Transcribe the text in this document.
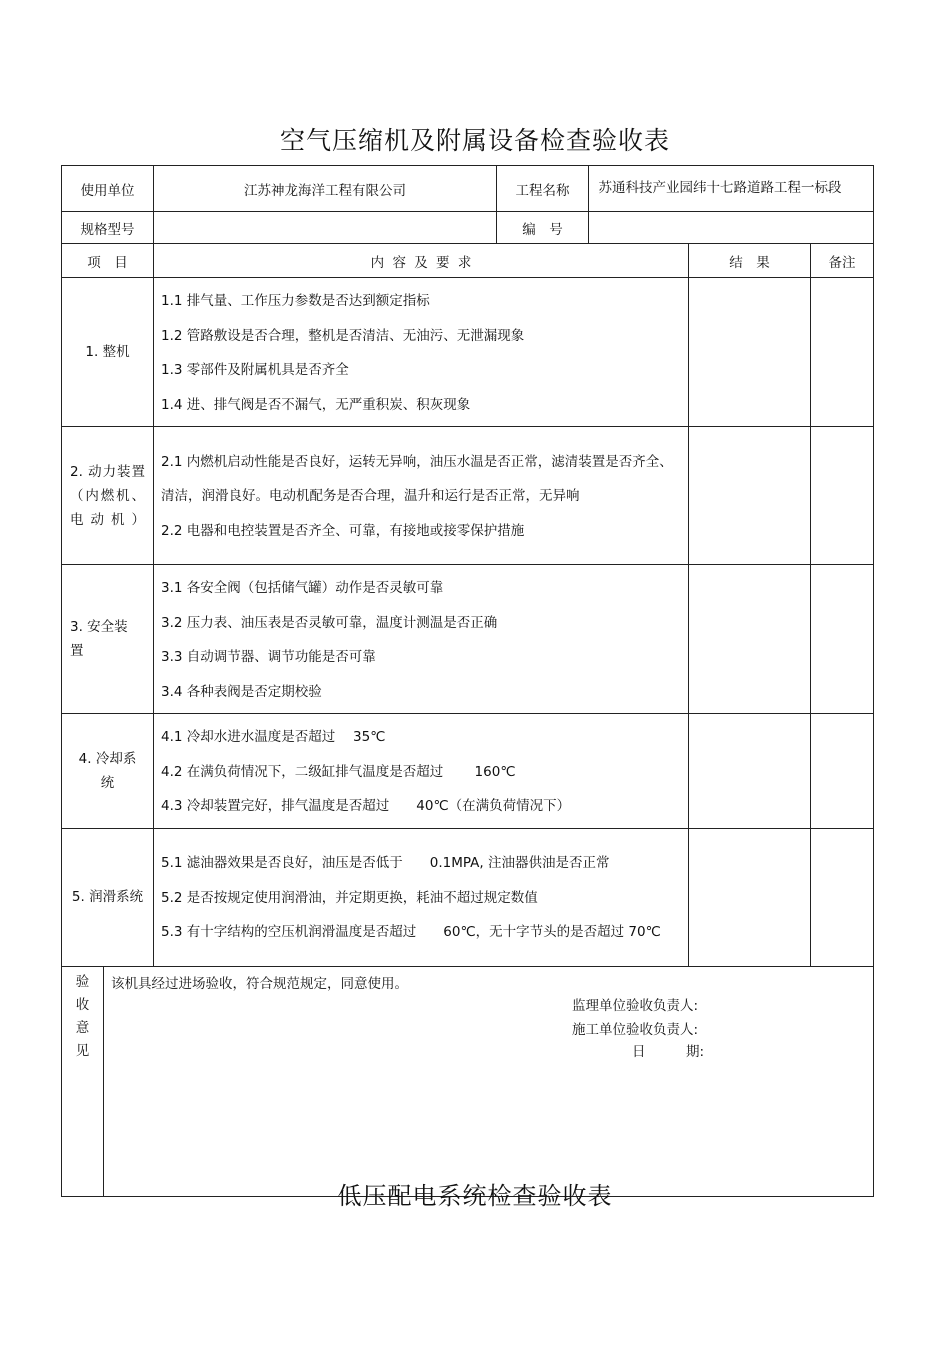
空气压缩机及附属设备检查验收表
使用单位		江苏神龙海洋工程有限公司	工程名称	苏通科技产业园纬十七路道路工程一标段		
规格型号			编　号			
项　目		内 容 及 要 求			结　果	备注
1. 整机		1.1 排气量、工作压力参数是否达到额定指标
1.2 管路敷设是否合理，整机是否清洁、无油污、无泄漏现象
1.3 零部件及附属机具是否齐全
1.4 进、排气阀是否不漏气，无严重积炭、积灰现象				

2. 动力装置（内燃机、电动机）		2.1 内燃机启动性能是否良好，运转无异响，油压水温是否正常，滤清装置是否齐全、清洁，润滑良好。电动机配务是否合理，温升和运行是否正常，无异响
2.2 电器和电控装置是否齐全、可靠，有接地或接零保护措施				

3. 安全装置		3.1 各安全阀（包括储气罐）动作是否灵敏可靠
3.2 压力表、油压表是否灵敏可靠，温度计测温是否正确
3.3 自动调节器、调节功能是否可靠
3.4 各种表阀是否定期校验				

4. 冷却系统		4.1 冷却水进水温度是否超过　 35℃
4.2 在满负荷情况下，二级缸排气温度是否超过　　 160℃
4.3 冷却装置完好，排气温度是否超过　　40℃（在满负荷情况下）				

5. 润滑系统		5.1 滤油器效果是否良好，油压是否低于　　0.1MPA, 注油器供油是否正常
5.2 是否按规定使用润滑油，并定期更换，耗油不超过规定数值
5.3 有十字结构的空压机润滑温度是否超过　　60℃，无十字节头的是否超过 70℃				

验收意见	该机具经过进场验收，符合规范规定，同意使用。
监理单位验收负责人:
施工单位验收负责人:
日　　　期:					
低压配电系统检查验收表
